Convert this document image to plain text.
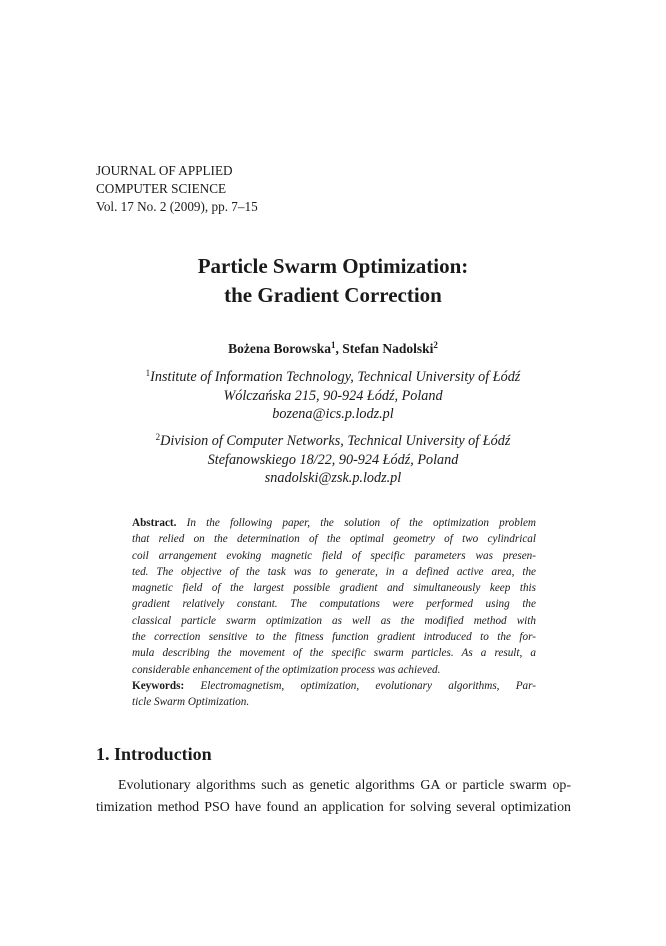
JOURNAL OF APPLIED
COMPUTER SCIENCE
Vol. 17 No. 2 (2009), pp. 7–15
Particle Swarm Optimization:
the Gradient Correction
Bożena Borowska$^1$, Stefan Nadolski$^2$
$^1$Institute of Information Technology, Technical University of Łódź
Wólczańska 215, 90-924 Łódź, Poland
bozena@ics.p.lodz.pl
$^2$Division of Computer Networks, Technical University of Łódź
Stefanowskiego 18/22, 90-924 Łódź, Poland
snadolski@zsk.p.lodz.pl
Abstract. In the following paper, the solution of the optimization problem
that relied on the determination of the optimal geometry of two cylindrical
coil arrangement evoking magnetic field of specific parameters was presen-
ted. The objective of the task was to generate, in a defined active area, the
magnetic field of the largest possible gradient and simultaneously keep this
gradient relatively constant. The computations were performed using the
classical particle swarm optimization as well as the modified method with
the correction sensitive to the fitness function gradient introduced to the for-
mula describing the movement of the specific swarm particles. As a result, a
considerable enhancement of the optimization process was achieved.
Keywords: Electromagnetism, optimization, evolutionary algorithms, Par-
ticle Swarm Optimization.
1. Introduction
Evolutionary algorithms such as genetic algorithms GA or particle swarm op-
timization method PSO have found an application for solving several optimization
